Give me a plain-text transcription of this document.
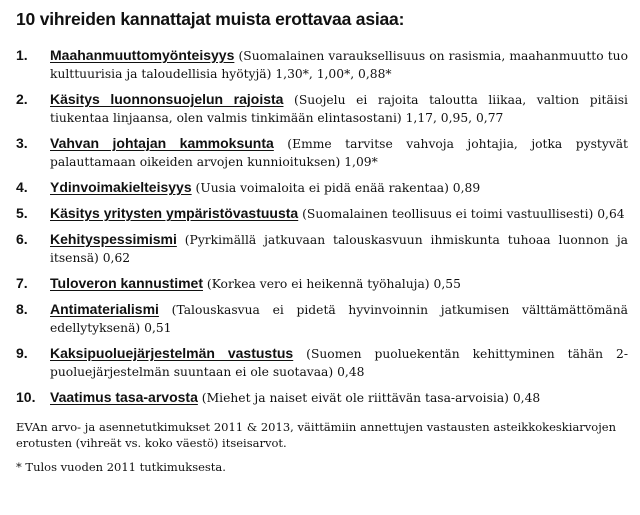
10 vihreiden kannattajat muista erottavaa asiaa:
1.	Maahanmuuttomyönteisyys (Suomalainen varauksellisuus on rasismia, maahanmuutto tuo kulttuurisia ja taloudellisia hyötyjä) 1,30*, 1,00*, 0,88*
2.	Käsitys luonnonsuojelun rajoista (Suojelu ei rajoita taloutta liikaa, valtion pitäisi tiukentaa linjaansa, olen valmis tinkimään elintasostani) 1,17, 0,95, 0,77
3.	Vahvan johtajan kammoksunta (Emme tarvitse vahvoja johtajia, jotka pystyvät palauttamaan oikeiden arvojen kunnioituksen) 1,09*
4.	Ydinvoimakielteisyys (Uusia voimaloita ei pidä enää rakentaa) 0,89
5.	Käsitys yritysten ympäristövastuusta (Suomalainen teollisuus ei toimi vastuullisesti) 0,64
6.	Kehityspessimismi (Pyrkimällä jatkuvaan talouskasvuun ihmiskunta tuhoaa luonnon ja itsensä) 0,62
7.	Tuloveron kannustimet (Korkea vero ei heikennä työhaluja) 0,55
8.	Antimaterialismi (Talouskasvua ei pidetä hyvinvoinnin jatkumisen välttämättömänä edellytyksenä) 0,51
9.	Kaksipuoluejärjestelmän vastustus (Suomen puoluekentän kehittyminen tähän 2-puoluejärjestelmän suuntaan ei ole suotavaa) 0,48
10.	Vaatimus tasa-arvosta (Miehet ja naiset eivät ole riittävän tasa-arvoisia) 0,48
EVAn arvo- ja asennetutkimukset 2011 & 2013, väittämiin annettujen vastausten asteikkokeskiarvojen erotusten (vihreät vs. koko väestö) itseisarvot.
* Tulos vuoden 2011 tutkimuksesta.
